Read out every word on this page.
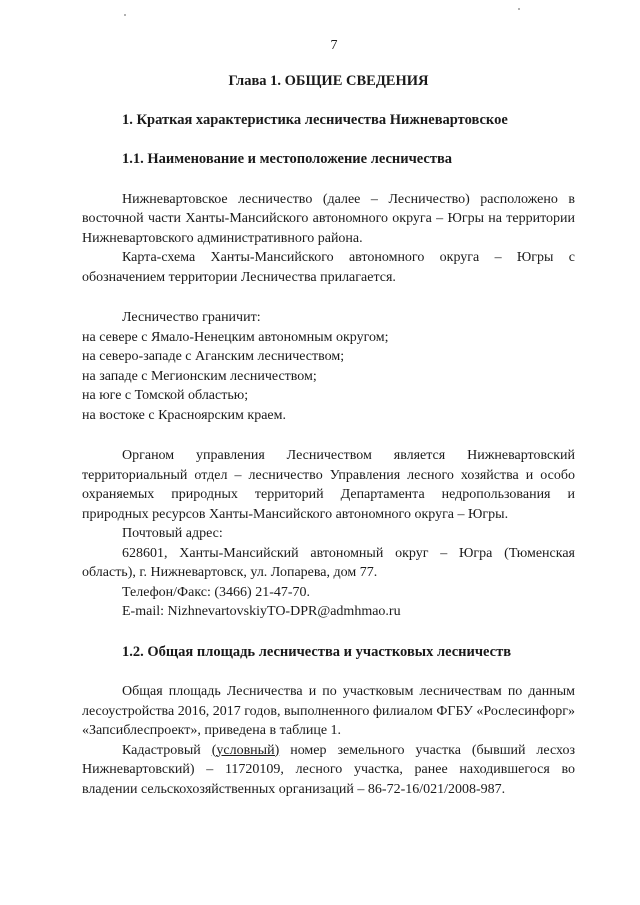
7
Глава 1. ОБЩИЕ СВЕДЕНИЯ
1. Краткая характеристика лесничества Нижневартовское
1.1. Наименование и местоположение лесничества

Нижневартовское лесничество (далее – Лесничество) расположено в восточной части Ханты-Мансийского автономного округа – Югры на территории Нижневартовского административного района.

Карта-схема Ханты-Мансийского автономного округа – Югры с обозначением территории Лесничества прилагается.

Лесничество граничит:

на севере с Ямало-Ненецким автономным округом;

на северо-западе с Аганским лесничеством;

на западе с Мегионским лесничеством;

на юге с Томской областью;

на востоке с Красноярским краем.

Органом управления Лесничеством является Нижневартовский территориальный отдел – лесничество Управления лесного хозяйства и особо охраняемых природных территорий Департамента недропользования и природных ресурсов Ханты-Мансийского автономного округа – Югры.

Почтовый адрес:

628601, Ханты-Мансийский автономный округ – Югра (Тюменская область), г. Нижневартовск, ул. Лопарева, дом 77.

Телефон/Факс: (3466) 21-47-70.

E-mail: NizhnevartovskiyTO-DPR@admhmao.ru

1.2. Общая площадь лесничества и участковых лесничеств

Общая площадь Лесничества и по участковым лесничествам по данным лесоустройства 2016, 2017 годов, выполненного филиалом ФГБУ «Рослесинфорг» «Запсиблеспроект», приведена в таблице 1.

Кадастровый (условный) номер земельного участка (бывший лесхоз Нижневартовский) – 11720109, лесного участка, ранее находившегося во владении сельскохозяйственных организаций – 86-72-16/021/2008-987.
